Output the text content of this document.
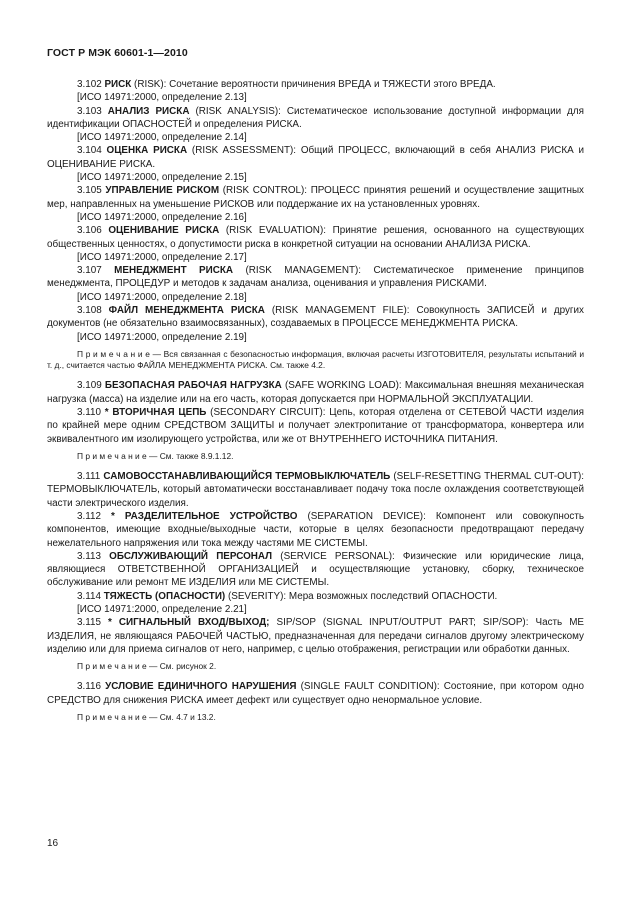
ГОСТ Р МЭК 60601-1—2010

3.102 РИСК (RISK): Сочетание вероятности причинения ВРЕДА и ТЯЖЕСТИ этого ВРЕДА.

[ИСО 14971:2000, определение 2.13]

3.103 АНАЛИЗ РИСКА (RISK ANALYSIS): Систематическое использование доступной информации для идентификации ОПАСНОСТЕЙ и определения РИСКА.

[ИСО 14971:2000, определение 2.14]

3.104 ОЦЕНКА РИСКА (RISK ASSESSMENT): Общий ПРОЦЕСС, включающий в себя АНАЛИЗ РИСКА и ОЦЕНИВАНИЕ РИСКА.

[ИСО 14971:2000, определение 2.15]

3.105 УПРАВЛЕНИЕ РИСКОМ (RISK CONTROL): ПРОЦЕСС принятия решений и осуществление защитных мер, направленных на уменьшение РИСКОВ или поддержание их на установленных уровнях.

[ИСО 14971:2000, определение 2.16]

3.106 ОЦЕНИВАНИЕ РИСКА (RISK EVALUATION): Принятие решения, основанного на существующих общественных ценностях, о допустимости риска в конкретной ситуации на основании АНАЛИЗА РИСКА.

[ИСО 14971:2000, определение 2.17]

3.107 МЕНЕДЖМЕНТ РИСКА (RISK MANAGEMENT): Систематическое применение принципов менеджмента, ПРОЦЕДУР и методов к задачам анализа, оценивания и управления РИСКАМИ.

[ИСО 14971:2000, определение 2.18]

3.108 ФАЙЛ МЕНЕДЖМЕНТА РИСКА (RISK MANAGEMENT FILE): Совокупность ЗАПИСЕЙ и других документов (не обязательно взаимосвязанных), создаваемых в ПРОЦЕССЕ МЕНЕДЖМЕНТА РИСКА.

[ИСО 14971:2000, определение 2.19]

П р и м е ч а н и е — Вся связанная с безопасностью информация, включая расчеты ИЗГОТОВИТЕЛЯ, результаты испытаний и т. д., считается частью ФАЙЛА МЕНЕДЖМЕНТА РИСКА. См. также 4.2.

3.109 БЕЗОПАСНАЯ РАБОЧАЯ НАГРУЗКА (SAFE WORKING LOAD): Максимальная внешняя механическая нагрузка (масса) на изделие или на его часть, которая допускается при НОРМАЛЬНОЙ ЭКСПЛУАТАЦИИ.

3.110 * ВТОРИЧНАЯ ЦЕПЬ (SECONDARY CIRCUIT): Цепь, которая отделена от СЕТЕВОЙ ЧАСТИ изделия по крайней мере одним СРЕДСТВОМ ЗАЩИТЫ и получает электропитание от трансформатора, конвертера или эквивалентного им изолирующего устройства, или же от ВНУТРЕННЕГО ИСТОЧНИКА ПИТАНИЯ.

П р и м е ч а н и е — См. также 8.9.1.12.

3.111 САМОВОССТАНАВЛИВАЮЩИЙСЯ ТЕРМОВЫКЛЮЧАТЕЛЬ (SELF-RESETTING THERMAL CUT-OUT): ТЕРМОВЫКЛЮЧАТЕЛЬ, который автоматически восстанавливает подачу тока после охлаждения соответствующей части электрического изделия.

3.112 * РАЗДЕЛИТЕЛЬНОЕ УСТРОЙСТВО (SEPARATION DEVICE): Компонент или совокупность компонентов, имеющие входные/выходные части, которые в целях безопасности предотвращают передачу нежелательного напряжения или тока между частями МЕ СИСТЕМЫ.

3.113 ОБСЛУЖИВАЮЩИЙ ПЕРСОНАЛ (SERVICE PERSONAL): Физические или юридические лица, являющиеся ОТВЕТСТВЕННОЙ ОРГАНИЗАЦИЕЙ и осуществляющие установку, сборку, техническое обслуживание или ремонт МЕ ИЗДЕЛИЯ или МЕ СИСТЕМЫ.

3.114 ТЯЖЕСТЬ (ОПАСНОСТИ) (SEVERITY): Мера возможных последствий ОПАСНОСТИ.

[ИСО 14971:2000, определение 2.21]

3.115 * СИГНАЛЬНЫЙ ВХОД/ВЫХОД; SIP/SOP (SIGNAL INPUT/OUTPUT PART; SIP/SOP): Часть МЕ ИЗДЕЛИЯ, не являющаяся РАБОЧЕЙ ЧАСТЬЮ, предназначенная для передачи сигналов другому электрическому изделию или для приема сигналов от него, например, с целью отображения, регистрации или обработки данных.

П р и м е ч а н и е — См. рисунок 2.

3.116 УСЛОВИЕ ЕДИНИЧНОГО НАРУШЕНИЯ (SINGLE FAULT CONDITION): Состояние, при котором одно СРЕДСТВО для снижения РИСКА имеет дефект или существует одно ненормальное условие.

П р и м е ч а н и е — См. 4.7 и 13.2.

16
